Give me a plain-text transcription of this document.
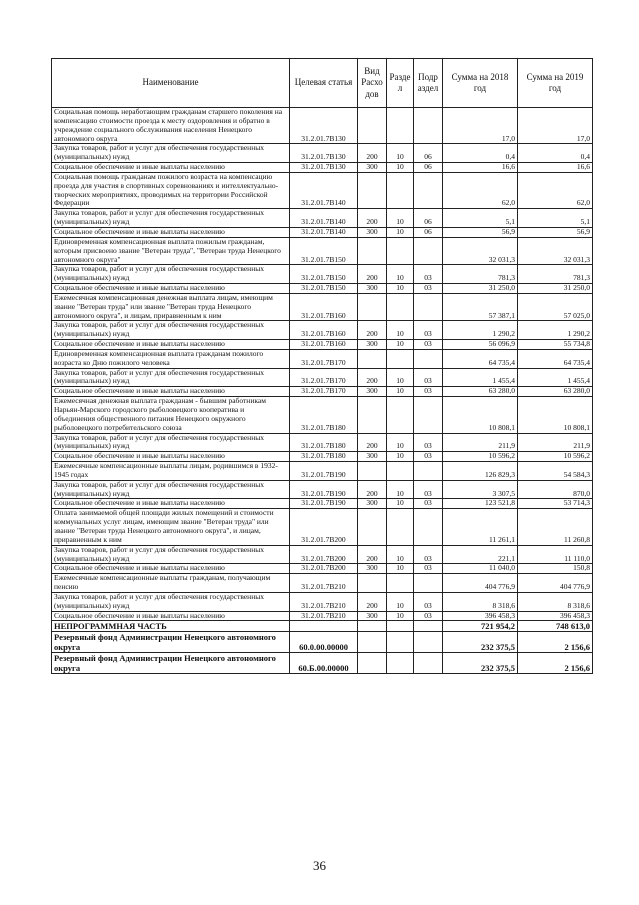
Наименование	Целевая статья	Вид Расхо дов	Разде л	Подр аздел	Сумма на 2018 год	Сумма на 2019 год
Социальная помощь неработающим гражданам старшего поколения на компенсацию стоимости проезда к месту оздоровления и обратно в учреждение социального обслуживания населения Ненецкого автономного округа	31.2.01.7В130				17,0	17,0
Закупка товаров, работ и услуг для обеспечения государственных (муниципальных) нужд	31.2.01.7В130	200	10	06	0,4	0,4
Социальное обеспечение и иные выплаты населению	31.2.01.7В130	300	10	06	16,6	16,6
Социальная помощь гражданам пожилого возраста на компенсацию проезда для участия в спортивных соревнованиях и интеллектуально-творческих мероприятиях, проводимых на территории Российской Федерации	31.2.01.7В140				62,0	62,0
Закупка товаров, работ и услуг для обеспечения государственных (муниципальных) нужд	31.2.01.7В140	200	10	06	5,1	5,1
Социальное обеспечение и иные выплаты населению	31.2.01.7В140	300	10	06	56,9	56,9
Единовременная компенсационная выплата пожилым гражданам, которым присвоено звание "Ветеран труда", "Ветеран труда Ненецкого автономного округа"	31.2.01.7В150				32 031,3	32 031,3
Закупка товаров, работ и услуг для обеспечения государственных (муниципальных) нужд	31.2.01.7В150	200	10	03	781,3	781,3
Социальное обеспечение и иные выплаты населению	31.2.01.7В150	300	10	03	31 250,0	31 250,0
Ежемесячная компенсационная денежная выплата лицам, имеющим звание "Ветеран труда" или звание "Ветеран труда Ненецкого автономного округа", и лицам, приравненным к ним	31.2.01.7В160				57 387,1	57 025,0
Закупка товаров, работ и услуг для обеспечения государственных (муниципальных) нужд	31.2.01.7В160	200	10	03	1 290,2	1 290,2
Социальное обеспечение и иные выплаты населению	31.2.01.7В160	300	10	03	56 096,9	55 734,8
Единовременная компенсационная выплата гражданам пожилого возраста ко Дню пожилого человека	31.2.01.7В170				64 735,4	64 735,4
Закупка товаров, работ и услуг для обеспечения государственных (муниципальных) нужд	31.2.01.7В170	200	10	03	1 455,4	1 455,4
Социальное обеспечение и иные выплаты населению	31.2.01.7В170	300	10	03	63 280,0	63 280,0
Ежемесячная денежная выплата гражданам - бывшим работникам Нарьян-Марского городского рыболовецкого кооператива и объединения общественного питания Ненецкого окружного рыболовецкого потребительского союза	31.2.01.7В180				10 808,1	10 808,1
Закупка товаров, работ и услуг для обеспечения государственных (муниципальных) нужд	31.2.01.7В180	200	10	03	211,9	211,9
Социальное обеспечение и иные выплаты населению	31.2.01.7В180	300	10	03	10 596,2	10 596,2
Ежемесячные компенсационные выплаты лицам, родившимся в 1932-1945 годах	31.2.01.7В190				126 829,3	54 584,3
Закупка товаров, работ и услуг для обеспечения государственных (муниципальных) нужд	31.2.01.7В190	200	10	03	3 307,5	870,0
Социальное обеспечение и иные выплаты населению	31.2.01.7В190	300	10	03	123 521,8	53 714,3
Оплата занимаемой общей площади жилых помещений и стоимости коммунальных услуг лицам, имеющим звание "Ветеран труда" или звание "Ветеран труда Ненецкого автономного округа", и лицам, приравненным к ним	31.2.01.7В200				11 261,1	11 260,8
Закупка товаров, работ и услуг для обеспечения государственных (муниципальных) нужд	31.2.01.7В200	200	10	03	221,1	11 110,0
Социальное обеспечение и иные выплаты населению	31.2.01.7В200	300	10	03	11 040,0	150,8
Ежемесячные компенсационные выплаты гражданам, получающим пенсию	31.2.01.7В210				404 776,9	404 776,9
Закупка товаров, работ и услуг для обеспечения государственных (муниципальных) нужд	31.2.01.7В210	200	10	03	8 318,6	8 318,6
Социальное обеспечение и иные выплаты населению	31.2.01.7В210	300	10	03	396 458,3	396 458,3
НЕПРОГРАММНАЯ ЧАСТЬ					721 954,2	748 613,0
Резервный фонд Администрации Ненецкого автономного округа	60.0.00.00000				232 375,5	2 156,6
Резервный фонд Администрации Ненецкого автономного округа	60.Б.00.00000				232 375,5	2 156,6
36
